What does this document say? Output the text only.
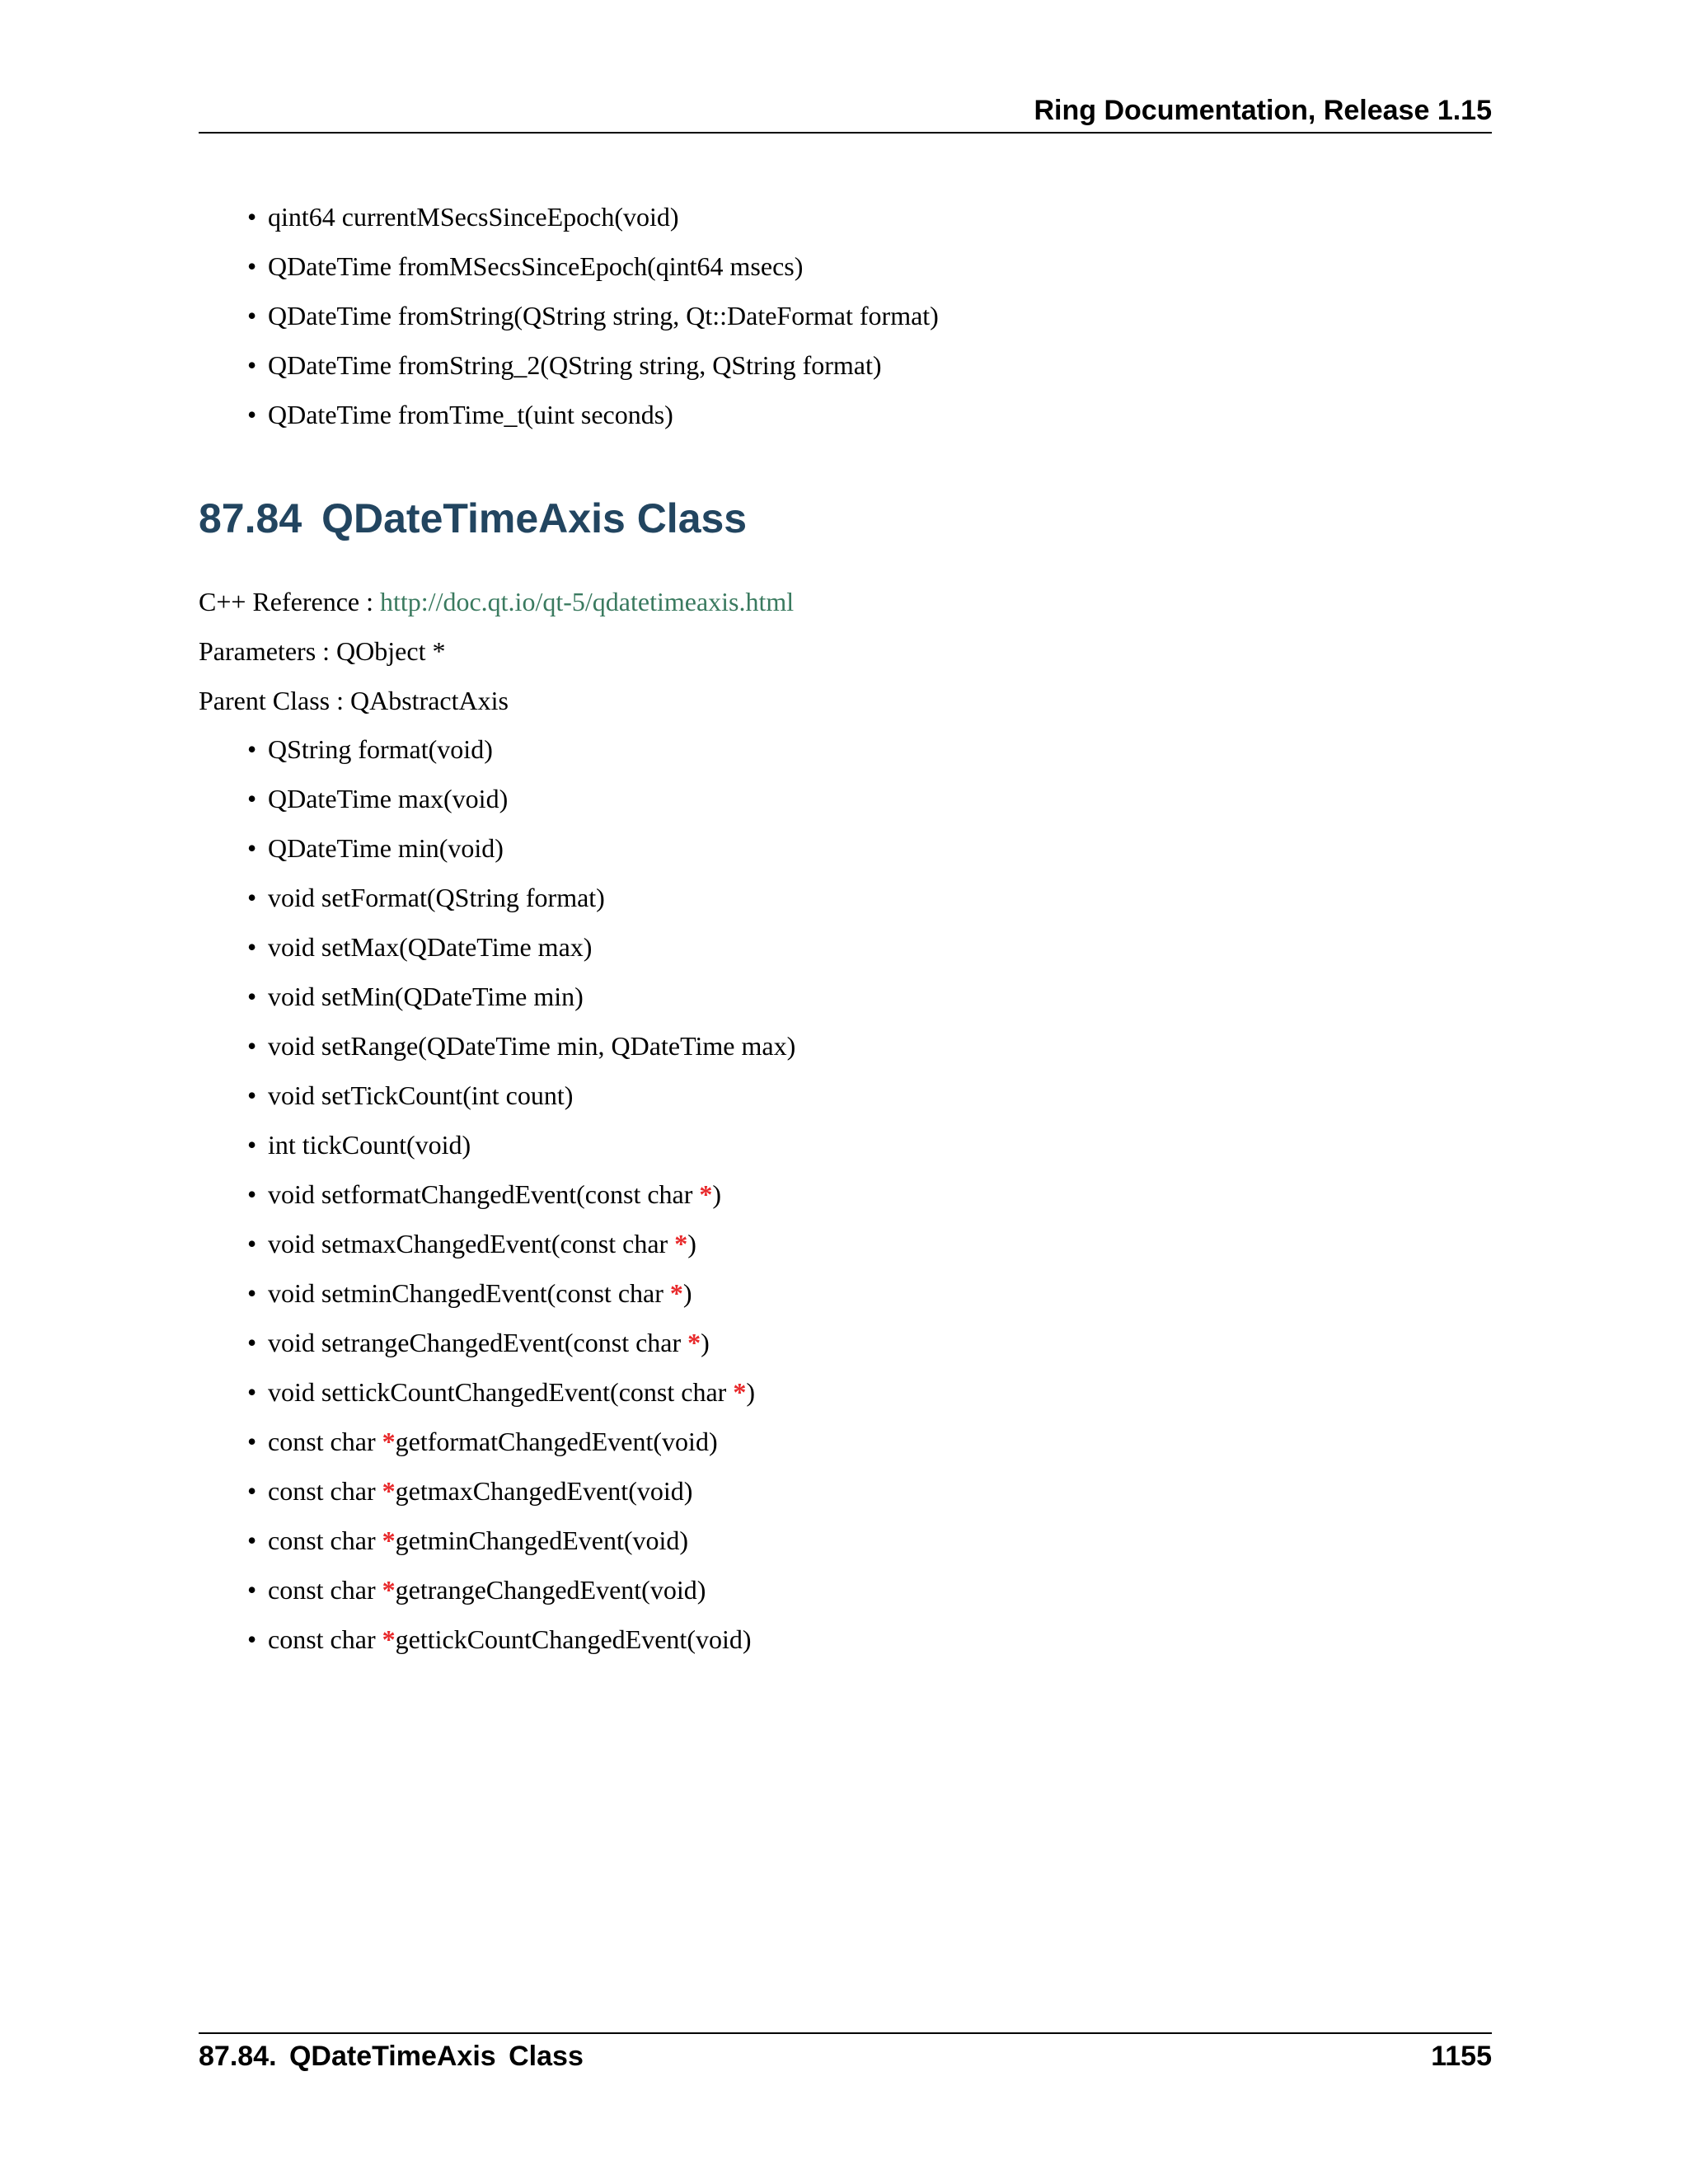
Ring Documentation, Release 1.15
• qint64 currentMSecsSinceEpoch(void)
• QDateTime fromMSecsSinceEpoch(qint64 msecs)
• QDateTime fromString(QString string, Qt::DateFormat format)
• QDateTime fromString_2(QString string, QString format)
• QDateTime fromTime_t(uint seconds)
87.84 QDateTimeAxis Class

C++ Reference : http://doc.qt.io/qt-5/qdatetimeaxis.html

Parameters : QObject *

Parent Class : QAbstractAxis

• QString format(void)
• QDateTime max(void)
• QDateTime min(void)
• void setFormat(QString format)
• void setMax(QDateTime max)
• void setMin(QDateTime min)
• void setRange(QDateTime min, QDateTime max)
• void setTickCount(int count)
• int tickCount(void)
• void setformatChangedEvent(const char *)
• void setmaxChangedEvent(const char *)
• void setminChangedEvent(const char *)
• void setrangeChangedEvent(const char *)
• void settickCountChangedEvent(const char *)
• const char *getformatChangedEvent(void)
• const char *getmaxChangedEvent(void)
• const char *getminChangedEvent(void)
• const char *getrangeChangedEvent(void)
• const char *gettickCountChangedEvent(void)
87.84. QDateTimeAxis Class	1155
